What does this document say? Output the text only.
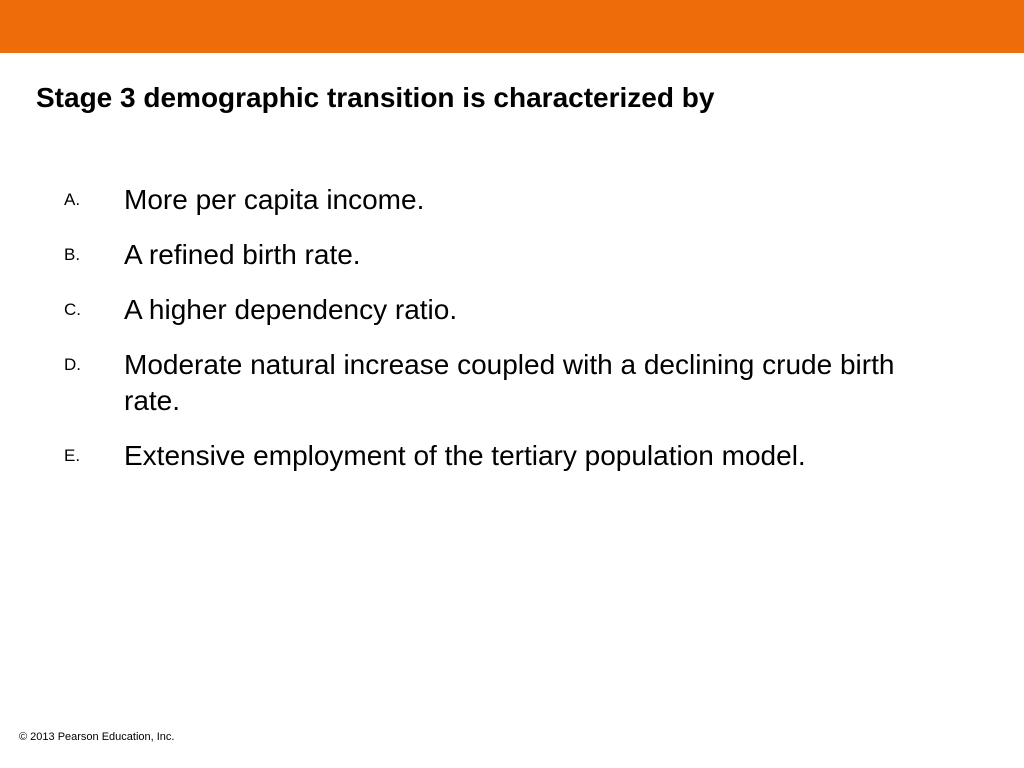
Stage 3 demographic transition is characterized by
A.	More per capita income.
B.	A refined birth rate.
C.	A higher dependency ratio.
D.	Moderate natural increase coupled with a declining crude birth rate.
E.	Extensive employment of the tertiary population model.
© 2013 Pearson Education, Inc.
